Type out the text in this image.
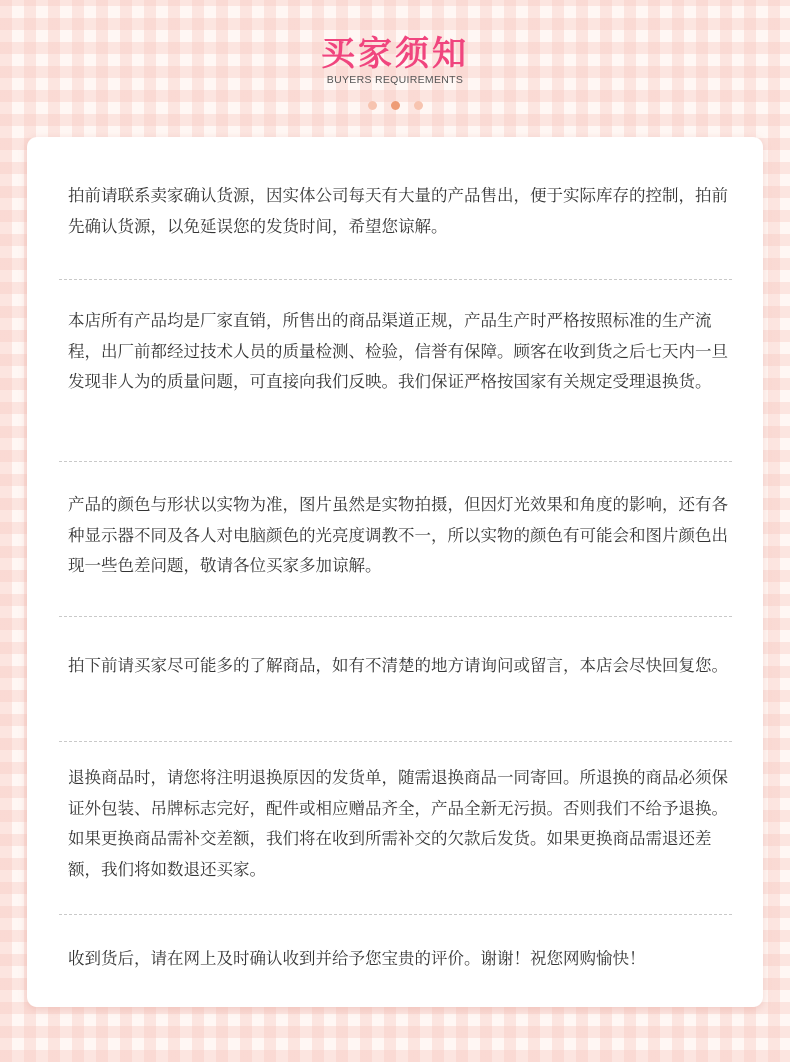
买家须知
BUYERS REQUIREMENTS
拍前请联系卖家确认货源，因实体公司每天有大量的产品售出，便于实际库存的控制，拍前先确认货源，以免延误您的发货时间，希望您谅解。
本店所有产品均是厂家直销，所售出的商品渠道正规，产品生产时严格按照标准的生产流程，出厂前都经过技术人员的质量检测、检验，信誉有保障。顾客在收到货之后七天内一旦发现非人为的质量问题，可直接向我们反映。我们保证严格按国家有关规定受理退换货。
产品的颜色与形状以实物为准，图片虽然是实物拍摄，但因灯光效果和角度的影响，还有各种显示器不同及各人对电脑颜色的光亮度调教不一，所以实物的颜色有可能会和图片颜色出现一些色差问题，敬请各位买家多加谅解。
拍下前请买家尽可能多的了解商品，如有不清楚的地方请询问或留言，本店会尽快回复您。
退换商品时，请您将注明退换原因的发货单，随需退换商品一同寄回。所退换的商品必须保证外包装、吊牌标志完好，配件或相应赠品齐全，产品全新无污损。否则我们不给予退换。如果更换商品需补交差额，我们将在收到所需补交的欠款后发货。如果更换商品需退还差额，我们将如数退还买家。
收到货后，请在网上及时确认收到并给予您宝贵的评价。谢谢！祝您网购愉快！
